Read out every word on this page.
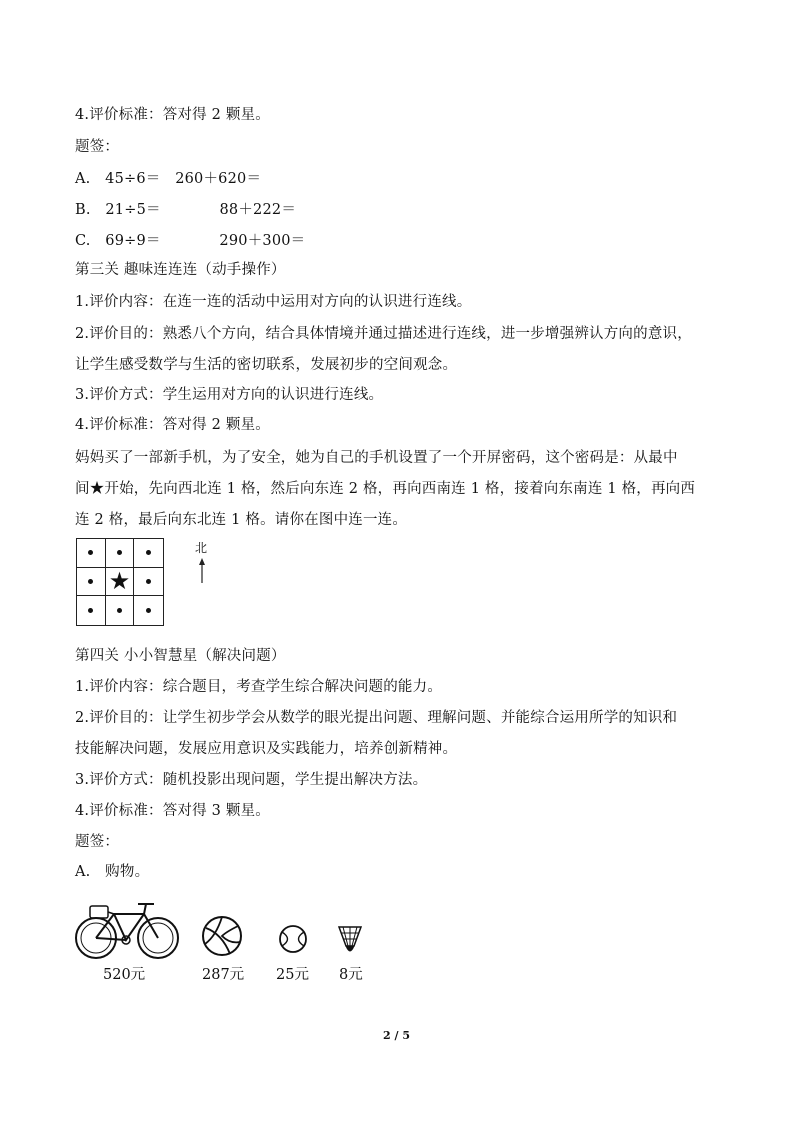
4.评价标准：答对得 2 颗星。
题签：
A.　45÷6＝　260＋620＝
B.　21÷5＝　　　　88＋222＝
C.　69÷9＝　　　　290＋300＝
第三关 趣味连连连（动手操作）
1.评价内容：在连一连的活动中运用对方向的认识进行连线。
2.评价目的：熟悉八个方向，结合具体情境并通过描述进行连线，进一步增强辨认方向的意识，
让学生感受数学与生活的密切联系，发展初步的空间观念。
3.评价方式：学生运用对方向的认识进行连线。
4.评价标准：答对得 2 颗星。
妈妈买了一部新手机，为了安全，她为自己的手机设置了一个开屏密码，这个密码是：从最中
间★开始，先向西北连 1 格，然后向东连 2 格，再向西南连 1 格，接着向东南连 1 格，再向西
连 2 格，最后向东北连 1 格。请你在图中连一连。
★
北
第四关 小小智慧星（解决问题）
1.评价内容：综合题目，考查学生综合解决问题的能力。
2.评价目的：让学生初步学会从数学的眼光提出问题、理解问题、并能综合运用所学的知识和
技能解决问题，发展应用意识及实践能力，培养创新精神。
3.评价方式：随机投影出现问题，学生提出解决方法。
4.评价标准：答对得 3 颗星。
题签：
A.　购物。
520元	287元 25元 8元
2 / 5
